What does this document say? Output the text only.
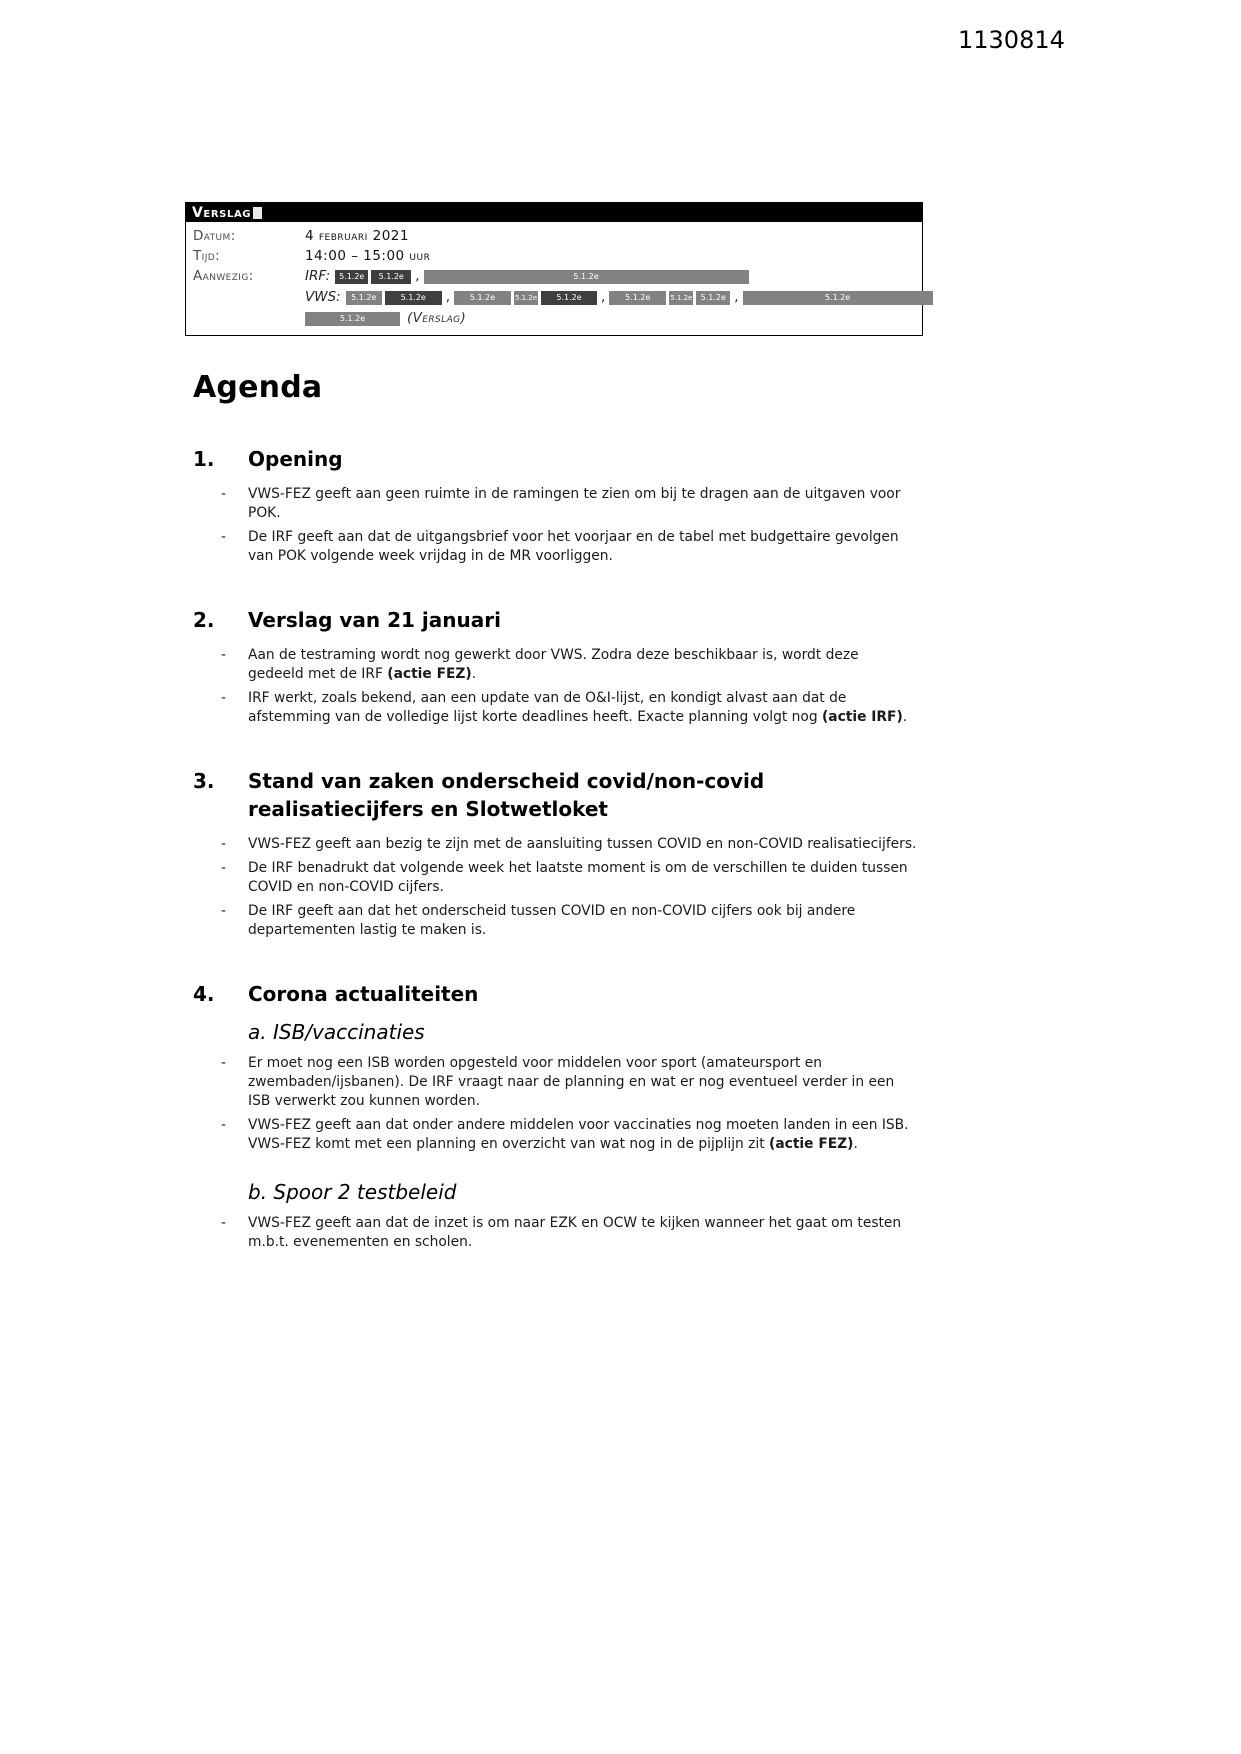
1130814
Verslag
Datum:	4 februari 2021
Tijd:	14:00 – 15:00 uur
Aanwezig:	IRF:	5.1.2e	5.1.2e ,	5.1.2e
VWS:	5.1.2e	5.1.2e	,	5.1.2e	5.1.2e	5.1.2e	,	5.1.2e	5.1.2e	5.1.2e ,	5.1.2e
5.1.2e	(Verslag)
Agenda
1.	Opening
-	VWS-FEZ geeft aan geen ruimte in de ramingen te zien om bij te dragen aan de uitgaven voor POK.
-	De IRF geeft aan dat de uitgangsbrief voor het voorjaar en de tabel met budgettaire gevolgen van POK volgende week vrijdag in de MR voorliggen.
2.	Verslag van 21 januari
-	Aan de testraming wordt nog gewerkt door VWS. Zodra deze beschikbaar is, wordt deze gedeeld met de IRF (actie FEZ).
-	IRF werkt, zoals bekend, aan een update van de O&I-lijst, en kondigt alvast aan dat de afstemming van de volledige lijst korte deadlines heeft. Exacte planning volgt nog (actie IRF).
3.	Stand van zaken onderscheid covid/non-covid realisatiecijfers en Slotwetloket
-	VWS-FEZ geeft aan bezig te zijn met de aansluiting tussen COVID en non-COVID realisatiecijfers.
-	De IRF benadrukt dat volgende week het laatste moment is om de verschillen te duiden tussen COVID en non-COVID cijfers.
-	De IRF geeft aan dat het onderscheid tussen COVID en non-COVID cijfers ook bij andere departementen lastig te maken is.
4.	Corona actualiteiten
a. ISB/vaccinaties
-	Er moet nog een ISB worden opgesteld voor middelen voor sport (amateursport en zwembaden/ijsbanen). De IRF vraagt naar de planning en wat er nog eventueel verder in een ISB verwerkt zou kunnen worden.
-	VWS-FEZ geeft aan dat onder andere middelen voor vaccinaties nog moeten landen in een ISB. VWS-FEZ komt met een planning en overzicht van wat nog in de pijplijn zit (actie FEZ).
b. Spoor 2 testbeleid
-	VWS-FEZ geeft aan dat de inzet is om naar EZK en OCW te kijken wanneer het gaat om testen m.b.t. evenementen en scholen.
